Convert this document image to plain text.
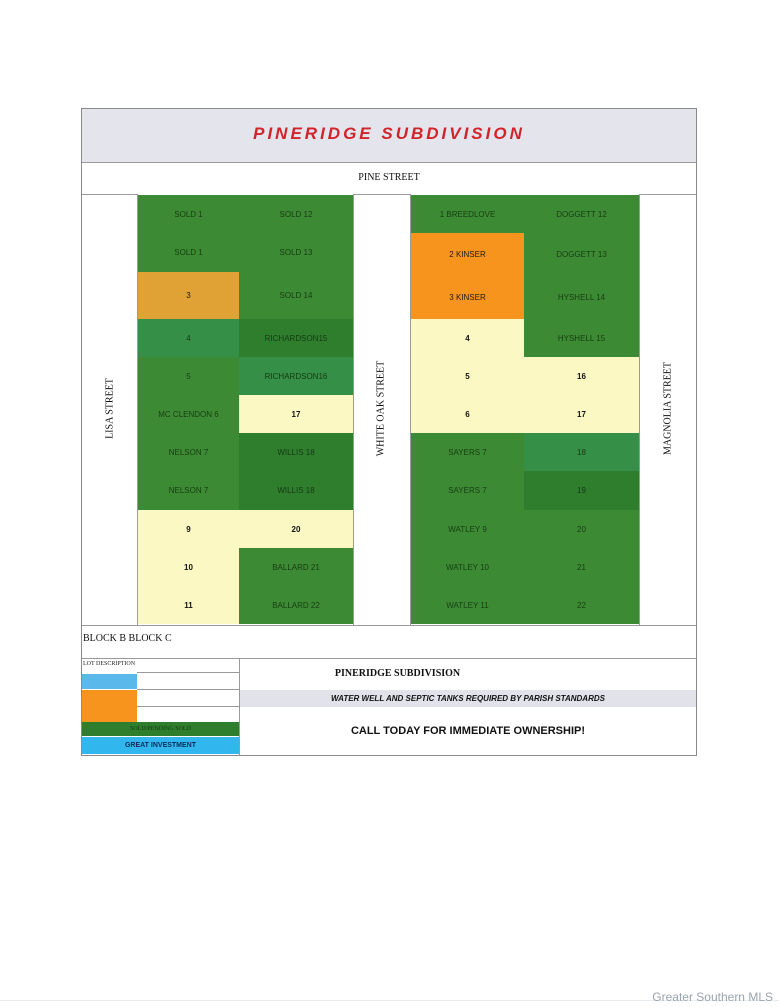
PINERIDGE SUBDIVISION
PINE STREET
LISA STREET	WHITE OAK STREET	MAGNOLIA STREET
SOLD 1
SOLD 1
3
4
5
MC CLENDON 6
NELSON 7
NELSON 7
9
10
11
SOLD 12
SOLD 13
SOLD 14
RICHARDSON15
RICHARDSON16
17
WILLIS 18
WILLIS 18
20
BALLARD 21
BALLARD 22
1 BREEDLOVE
2 KINSER
3 KINSER
4
5
6
SAYERS 7
SAYERS 7
WATLEY 9
WATLEY 10
WATLEY 11
DOGGETT 12
DOGGETT 13
HYSHELL 14
HYSHELL 15
16
17
18
19
20
21
22
BLOCK B BLOCK C
LOT DESCRIPTION
SOLD/PENDING SOLD
GREAT INVESTMENT
PINERIDGE SUBDIVISION
WATER WELL AND SEPTIC TANKS REQUIRED BY PARISH STANDARDS
CALL TODAY FOR IMMEDIATE OWNERSHIP!
Greater Southern MLS
